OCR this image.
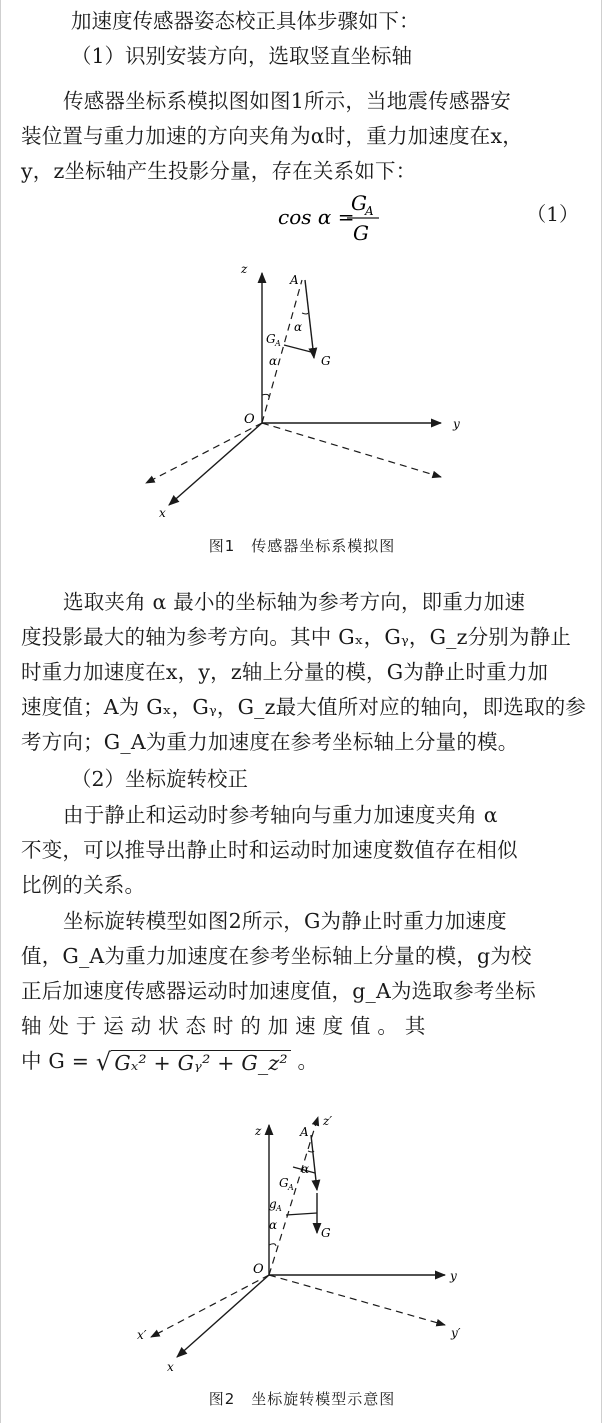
加速度传感器姿态校正具体步骤如下：
（1）识别安装方向，选取竖直坐标轴

传感器坐标系模拟图如图1所示，当地震传感器安
装位置与重力加速的方向夹角为α时，重力加速度在x，
y，z坐标轴产生投影分量，存在关系如下：

cos α =
G
A
G
（1）
z
y
x
O
A
G
G A
α
α
图1　传感器坐标系模拟图

选取夹角 α 最小的坐标轴为参考方向，即重力加速
度投影最大的轴为参考方向。其中 Gₓ，Gᵧ，G_z分别为静止
时重力加速度在x，y，z轴上分量的模，G为静止时重力加
速度值；A为 Gₓ，Gᵧ，G_z最大值所对应的轴向，即选取的参
考方向；G_A为重力加速度在参考坐标轴上分量的模。

（2）坐标旋转校正

由于静止和运动时参考轴向与重力加速度夹角 α
不变，可以推导出静止时和运动时加速度数值存在相似
比例的关系。

坐标旋转模型如图2所示，G为静止时重力加速度
值，G_A为重力加速度在参考坐标轴上分量的模，g为校
正后加速度传感器运动时加速度值，g_A为选取参考坐标
轴 处 于 运 动 状 态 时 的 加 速 度 值 。 其
中 G = √ Gₓ² + Gᵧ² + G_z² 。

z
z′
y
y′
x
x′
O
A
G
G A
g A
α
α
图2　坐标旋转模型示意图
